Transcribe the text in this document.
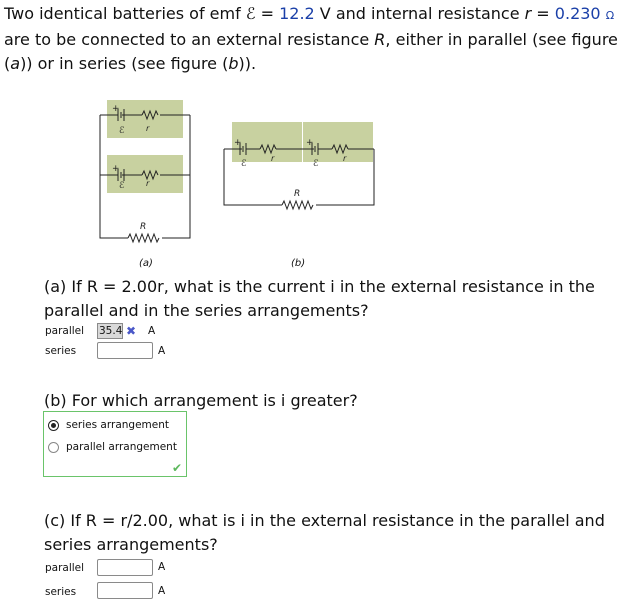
Two identical batteries of emf ℰ = 12.2 V and internal resistance r = 0.230 Ω
are to be connected to an external resistance R, either in parallel (see figure
(a)) or in series (see figure (b)).
+
+
+	+
ℰ	r
ℰ	r
R
ℰ
r
ℰ
r
R
(a)	(b)
(a) If R = 2.00r, what is the current i in the external resistance in the
parallel and in the series arrangements?
parallel 35.4 ✖ A
series	A
(b) For which arrangement is i greater?
series arrangement
parallel arrangement
✔
(c) If R = r/2.00, what is i in the external resistance in the parallel and
series arrangements?
parallel	A
series	A
